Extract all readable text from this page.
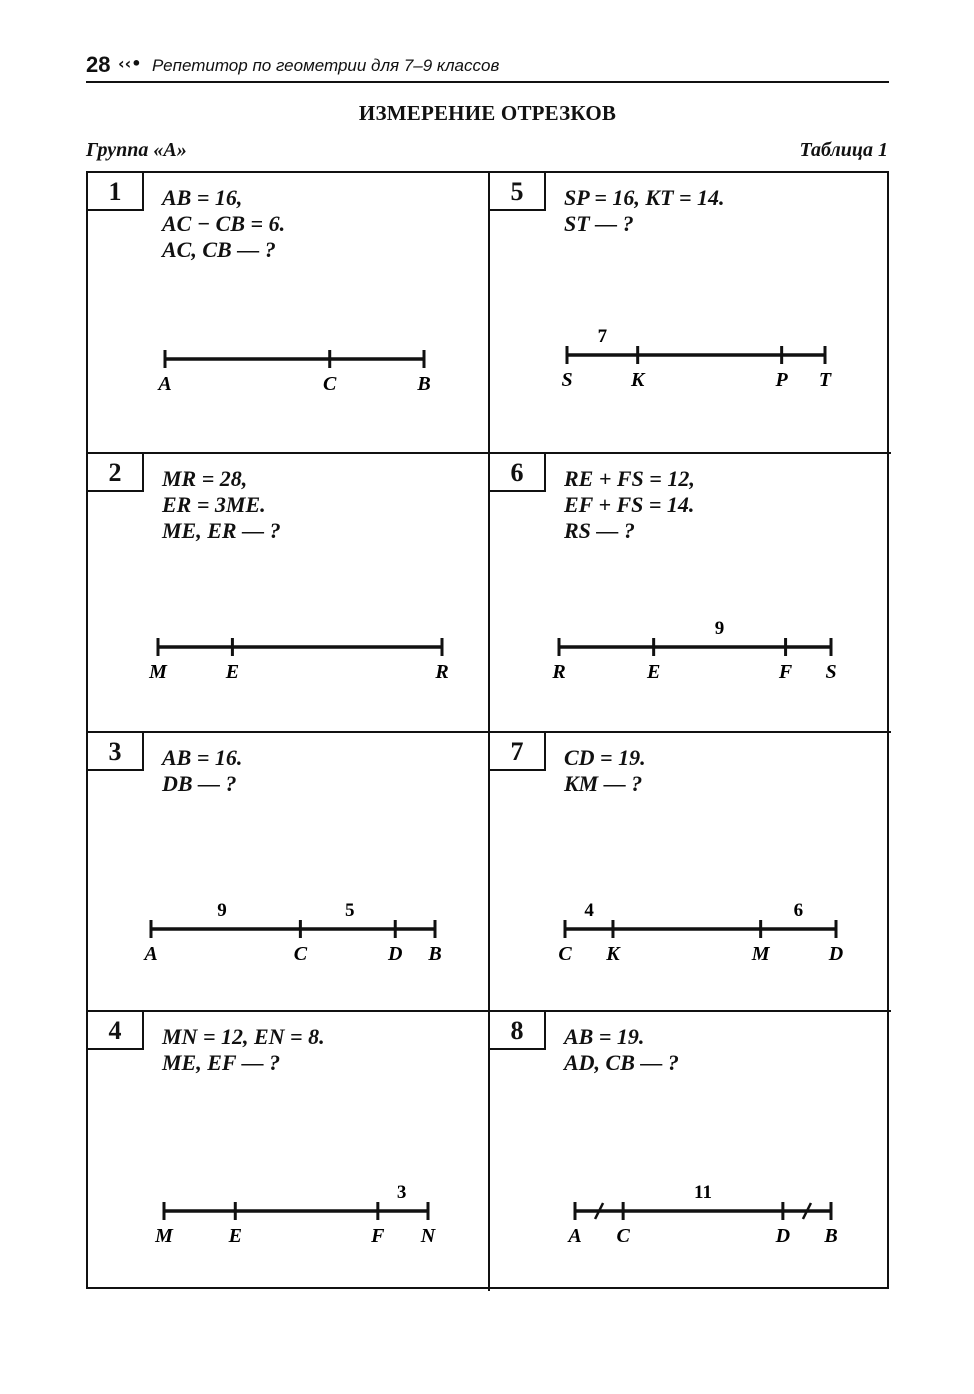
28 ‹‹• Репетитор по геометрии для 7–9 классов
ИЗМЕРЕНИЕ ОТРЕЗКОВ
Группа «А»	Таблица 1
1	AB = 16,
AC − CB = 6.
AC, CB — ?
A	C	B
2	MR = 28,
ER = 3ME.
ME, ER — ?
M	E	R
3	AB = 16.
DB — ?
A	C	D B
9	5
4	MN = 12, EN = 8.
ME, EF — ?
M	E	F N
3
5	SP = 16, KT = 14.
ST — ?
S	K	P T
7
6	RE + FS = 12,
EF + FS = 14.
RS — ?
R	E	F S
9
7	CD = 19.
KM — ?
C K	M	D
4	6
8	AB = 19.
AD, CB — ?
A C	D B
11
